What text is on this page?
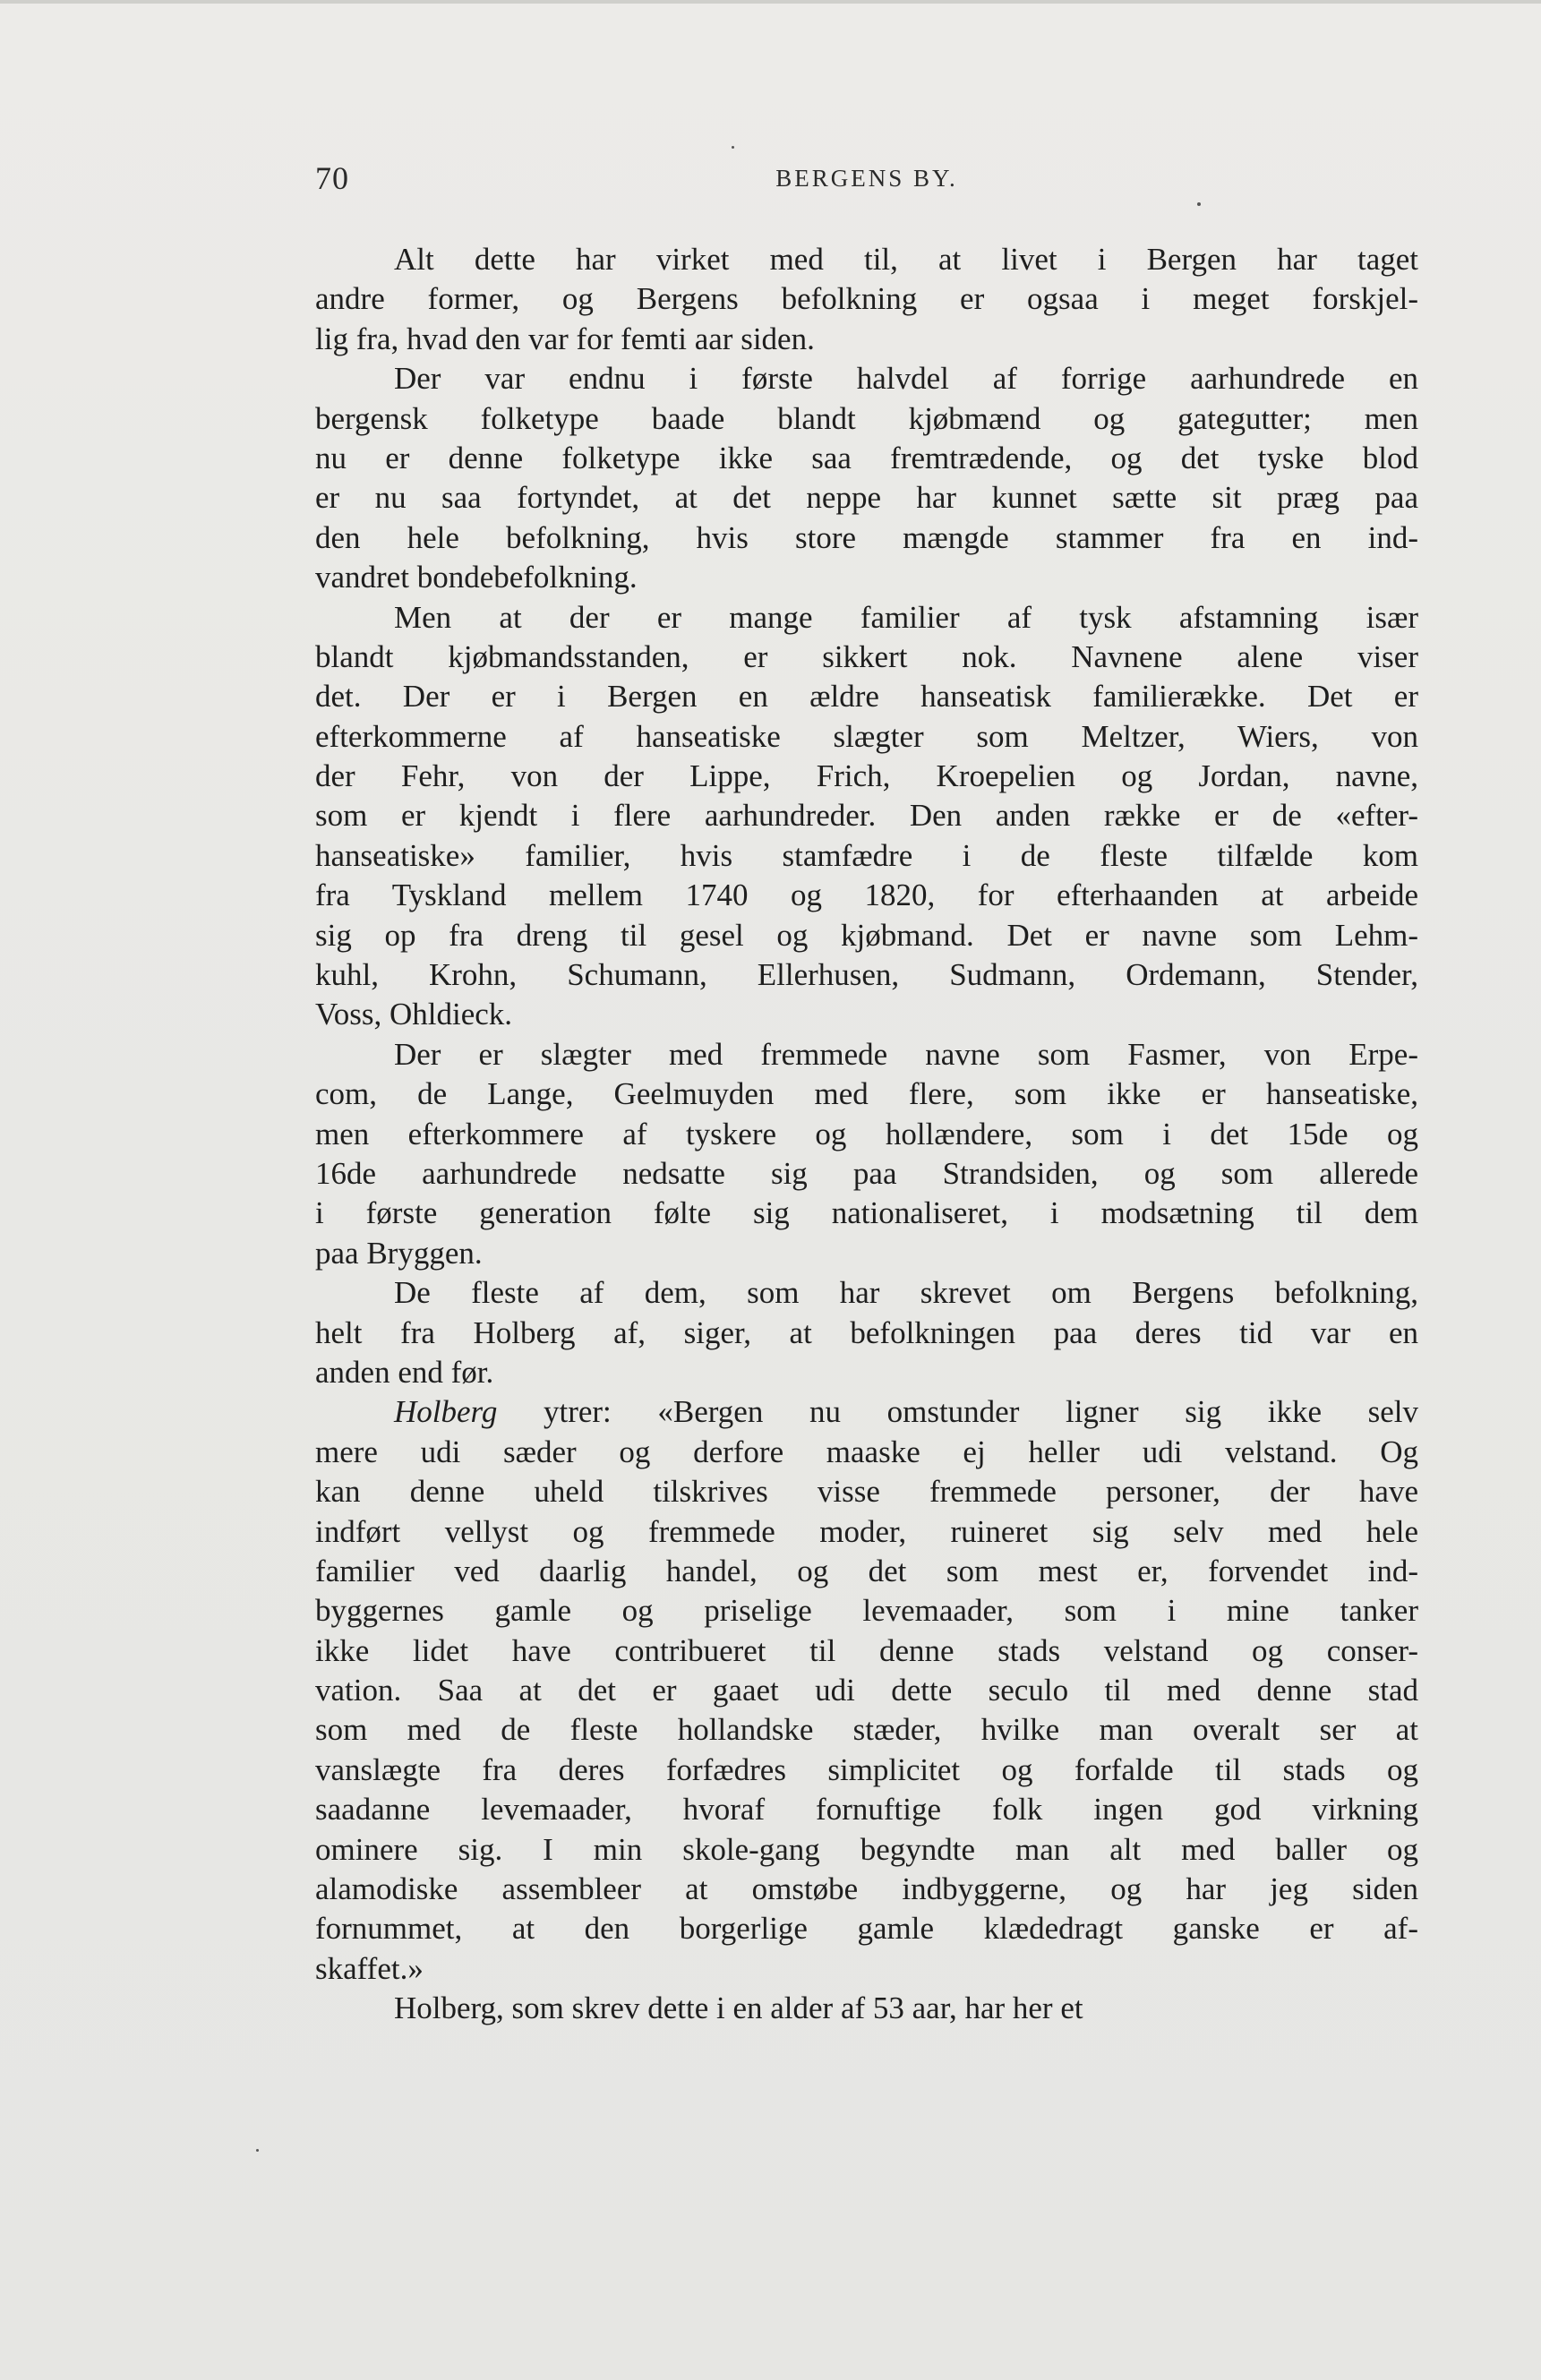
70	BERGENS BY.
Alt dette har virket med til, at livet i Bergen har taget
andre former, og Bergens befolkning er ogsaa i meget forskjel-
lig fra, hvad den var for femti aar siden.
Der var endnu i første halvdel af forrige aarhundrede en
bergensk folketype baade blandt kjøbmænd og gategutter; men
nu er denne folketype ikke saa fremtrædende, og det tyske blod
er nu saa fortyndet, at det neppe har kunnet sætte sit præg paa
den hele befolkning, hvis store mængde stammer fra en ind-
vandret bondebefolkning.
Men at der er mange familier af tysk afstamning især
blandt kjøbmandsstanden, er sikkert nok. Navnene alene viser
det. Der er i Bergen en ældre hanseatisk familierække. Det er
efterkommerne af hanseatiske slægter som Meltzer, Wiers, von
der Fehr, von der Lippe, Frich, Kroepelien og Jordan, navne,
som er kjendt i flere aarhundreder. Den anden række er de «efter-
hanseatiske» familier, hvis stamfædre i de fleste tilfælde kom
fra Tyskland mellem 1740 og 1820, for efterhaanden at arbeide
sig op fra dreng til gesel og kjøbmand. Det er navne som Lehm-
kuhl, Krohn, Schumann, Ellerhusen, Sudmann, Ordemann, Stender,
Voss, Ohldieck.
Der er slægter med fremmede navne som Fasmer, von Erpe-
com, de Lange, Geelmuyden med flere, som ikke er hanseatiske,
men efterkommere af tyskere og hollændere, som i det 15de og
16de aarhundrede nedsatte sig paa Strandsiden, og som allerede
i første generation følte sig nationaliseret, i modsætning til dem
paa Bryggen.
De fleste af dem, som har skrevet om Bergens befolkning,
helt fra Holberg af, siger, at befolkningen paa deres tid var en
anden end før.
Holberg ytrer: «Bergen nu omstunder ligner sig ikke selv
mere udi sæder og derfore maaske ej heller udi velstand. Og
kan denne uheld tilskrives visse fremmede personer, der have
indført vellyst og fremmede moder, ruineret sig selv med hele
familier ved daarlig handel, og det som mest er, forvendet ind-
byggernes gamle og priselige levemaader, som i mine tanker
ikke lidet have contribueret til denne stads velstand og conser-
vation. Saa at det er gaaet udi dette seculo til med denne stad
som med de fleste hollandske stæder, hvilke man overalt ser at
vanslægte fra deres forfædres simplicitet og forfalde til stads og
saadanne levemaader, hvoraf fornuftige folk ingen god virkning
ominere sig. I min skole-gang begyndte man alt med baller og
alamodiske assembleer at omstøbe indbyggerne, og har jeg siden
fornummet, at den borgerlige gamle klædedragt ganske er af-
skaffet.»
Holberg, som skrev dette i en alder af 53 aar, har her et
